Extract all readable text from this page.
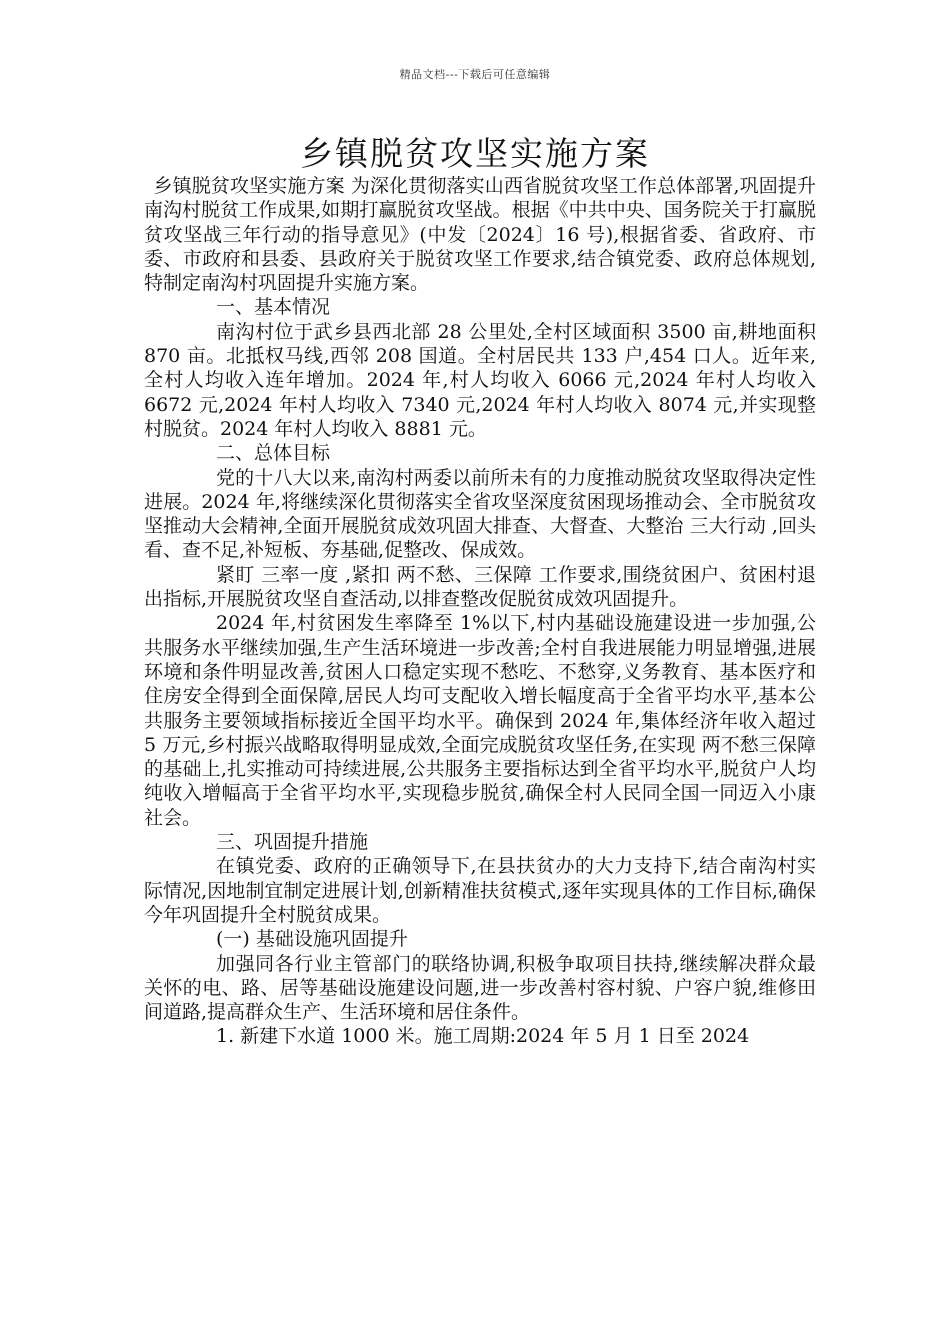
精品文档---下载后可任意编辑
乡镇脱贫攻坚实施方案

乡镇脱贫攻坚实施方案 为深化贯彻落实山西省脱贫攻坚工作总体部署,巩固提升南沟村脱贫工作成果,如期打赢脱贫攻坚战。根据《中共中央、国务院关于打赢脱贫攻坚战三年行动的指导意见》(中发〔2024〕16 号),根据省委、省政府、市委、市政府和县委、县政府关于脱贫攻坚工作要求,结合镇党委、政府总体规划,特制定南沟村巩固提升实施方案。

一、基本情况

南沟村位于武乡县西北部 28 公里处,全村区域面积 3500 亩,耕地面积 870 亩。北抵权马线,西邻 208 国道。全村居民共 133 户,454 口人。近年来,全村人均收入连年增加。2024 年,村人均收入 6066 元,2024 年村人均收入 6672 元,2024 年村人均收入 7340 元,2024 年村人均收入 8074 元,并实现整村脱贫。2024 年村人均收入 8881 元。

二、总体目标

党的十八大以来,南沟村两委以前所未有的力度推动脱贫攻坚取得决定性进展。2024 年,将继续深化贯彻落实全省攻坚深度贫困现场推动会、全市脱贫攻坚推动大会精神,全面开展脱贫成效巩固大排查、大督查、大整治 三大行动 ,回头看、查不足,补短板、夯基础,促整改、保成效。

紧盯 三率一度 ,紧扣 两不愁、三保障 工作要求,围绕贫困户、贫困村退出指标,开展脱贫攻坚自查活动,以排查整改促脱贫成效巩固提升。

2024 年,村贫困发生率降至 1%以下,村内基础设施建设进一步加强,公共服务水平继续加强,生产生活环境进一步改善;全村自我进展能力明显增强,进展环境和条件明显改善,贫困人口稳定实现不愁吃、不愁穿,义务教育、基本医疗和住房安全得到全面保障,居民人均可支配收入增长幅度高于全省平均水平,基本公共服务主要领域指标接近全国平均水平。确保到 2024 年,集体经济年收入超过 5 万元,乡村振兴战略取得明显成效,全面完成脱贫攻坚任务,在实现 两不愁三保障 的基础上,扎实推动可持续进展,公共服务主要指标达到全省平均水平,脱贫户人均纯收入增幅高于全省平均水平,实现稳步脱贫,确保全村人民同全国一同迈入小康社会。

三、巩固提升措施

在镇党委、政府的正确领导下,在县扶贫办的大力支持下,结合南沟村实际情况,因地制宜制定进展计划,创新精准扶贫模式,逐年实现具体的工作目标,确保今年巩固提升全村脱贫成果。

(一) 基础设施巩固提升

加强同各行业主管部门的联络协调,积极争取项目扶持,继续解决群众最关怀的电、路、居等基础设施建设问题,进一步改善村容村貌、户容户貌,维修田间道路,提高群众生产、生活环境和居住条件。

1. 新建下水道 1000 米。施工周期:2024 年 5 月 1 日至 2024
